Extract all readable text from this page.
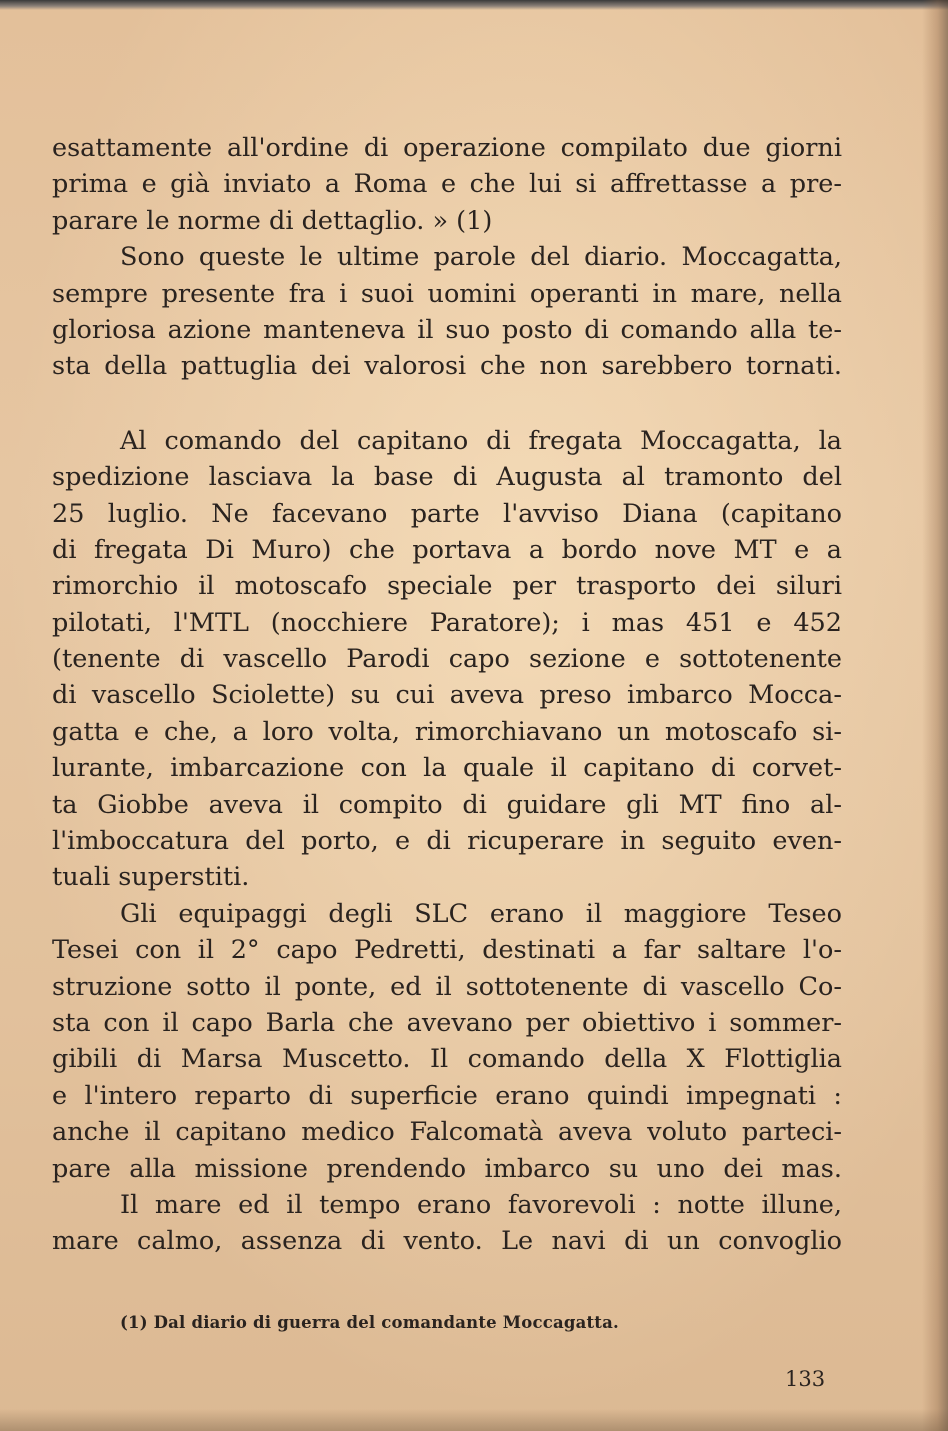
esattamente all'ordine di operazione compilato due giorni
prima e già inviato a Roma e che lui si affrettasse a pre-
parare le norme di dettaglio. » (1)
Sono queste le ultime parole del diario. Moccagatta,
sempre presente fra i suoi uomini operanti in mare, nella
gloriosa azione manteneva il suo posto di comando alla te-
sta della pattuglia dei valorosi che non sarebbero tornati.
Al comando del capitano di fregata Moccagatta, la
spedizione lasciava la base di Augusta al tramonto del
25 luglio. Ne facevano parte l'avviso Diana (capitano
di fregata Di Muro) che portava a bordo nove MT e a
rimorchio il motoscafo speciale per trasporto dei siluri
pilotati, l'MTL (nocchiere Paratore); i mas 451 e 452
(tenente di vascello Parodi capo sezione e sottotenente
di vascello Sciolette) su cui aveva preso imbarco Mocca-
gatta e che, a loro volta, rimorchiavano un motoscafo si-
lurante, imbarcazione con la quale il capitano di corvet-
ta Giobbe aveva il compito di guidare gli MT fino al-
l'imboccatura del porto, e di ricuperare in seguito even-
tuali superstiti.
Gli equipaggi degli SLC erano il maggiore Teseo
Tesei con il 2° capo Pedretti, destinati a far saltare l'o-
struzione sotto il ponte, ed il sottotenente di vascello Co-
sta con il capo Barla che avevano per obiettivo i sommer-
gibili di Marsa Muscetto. Il comando della X Flottiglia
e l'intero reparto di superficie erano quindi impegnati :
anche il capitano medico Falcomatà aveva voluto parteci-
pare alla missione prendendo imbarco su uno dei mas.
Il mare ed il tempo erano favorevoli : notte illune,
mare calmo, assenza di vento. Le navi di un convoglio
(1) Dal diario di guerra del comandante Moccagatta.
133
